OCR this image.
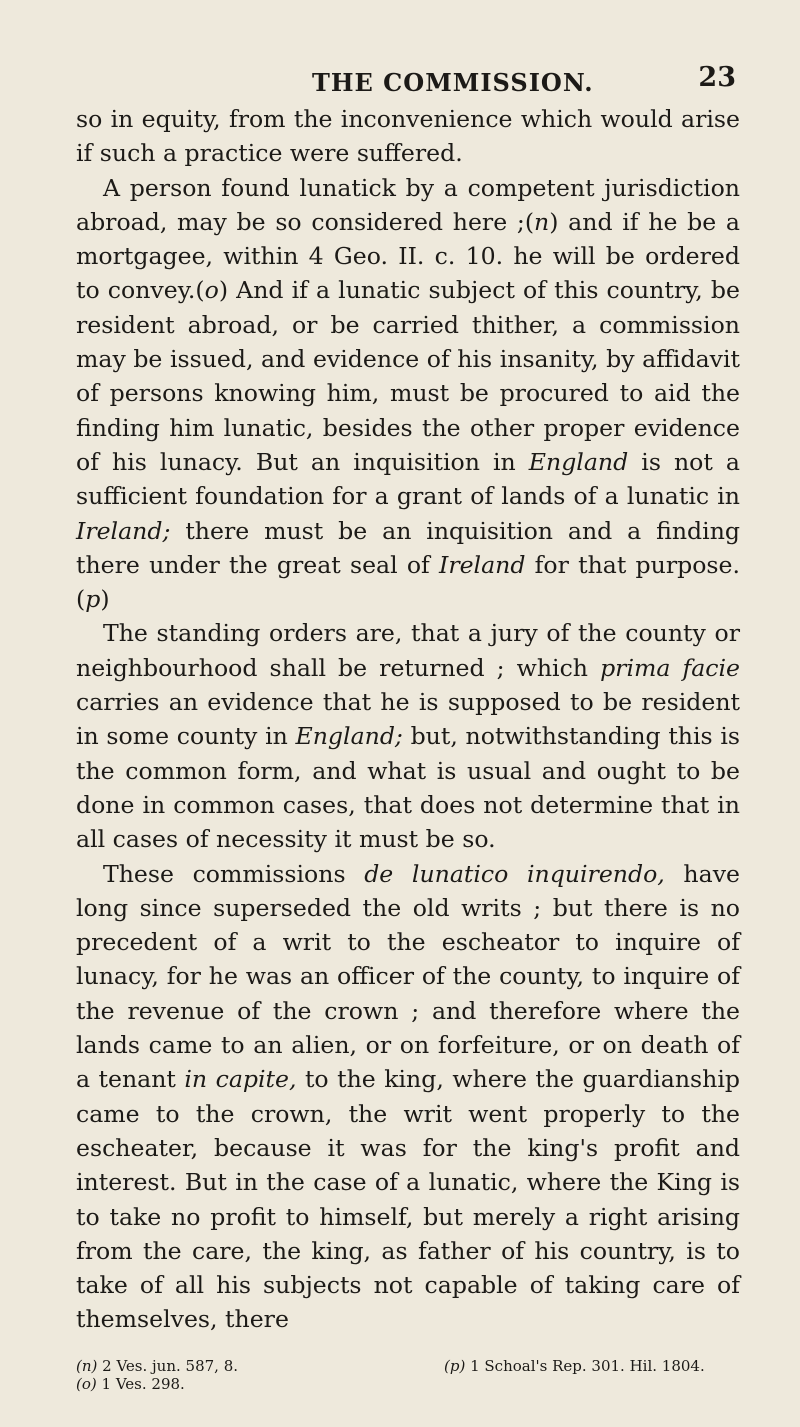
THE COMMISSION.	23

so in equity, from the inconvenience which would arise if such a practice were suffered.

A person found lunatick by a competent jurisdiction abroad, may be so considered here ;(n) and if he be a mortgagee, within 4 Geo. II. c. 10. he will be ordered to convey.(o) And if a lunatic subject of this country, be resident abroad, or be carried thither, a commission may be issued, and evidence of his insanity, by affidavit of persons knowing him, must be procured to aid the finding him lunatic, besides the other proper evidence of his lunacy. But an inquisition in England is not a sufficient foundation for a grant of lands of a lunatic in Ireland; there must be an inquisition and a finding there under the great seal of Ireland for that purpose.(p)

The standing orders are, that a jury of the county or neighbourhood shall be returned ; which prima facie carries an evidence that he is supposed to be resident in some county in England; but, notwithstanding this is the common form, and what is usual and ought to be done in common cases, that does not determine that in all cases of necessity it must be so.

These commissions de lunatico inquirendo, have long since superseded the old writs ; but there is no precedent of a writ to the escheator to inquire of lunacy, for he was an officer of the county, to inquire of the revenue of the crown ; and therefore where the lands came to an alien, or on forfeiture, or on death of a tenant in capite, to the king, where the guardianship came to the crown, the writ went properly to the escheater, because it was for the king's profit and interest. But in the case of a lunatic, where the King is to take no profit to himself, but merely a right arising from the care, the king, as father of his country, is to take of all his subjects not capable of taking care of themselves, there

(n) 2 Ves. jun. 587, 8.
(o) 1 Ves. 298.
(p) 1 Schoal's Rep. 301. Hil. 1804.
